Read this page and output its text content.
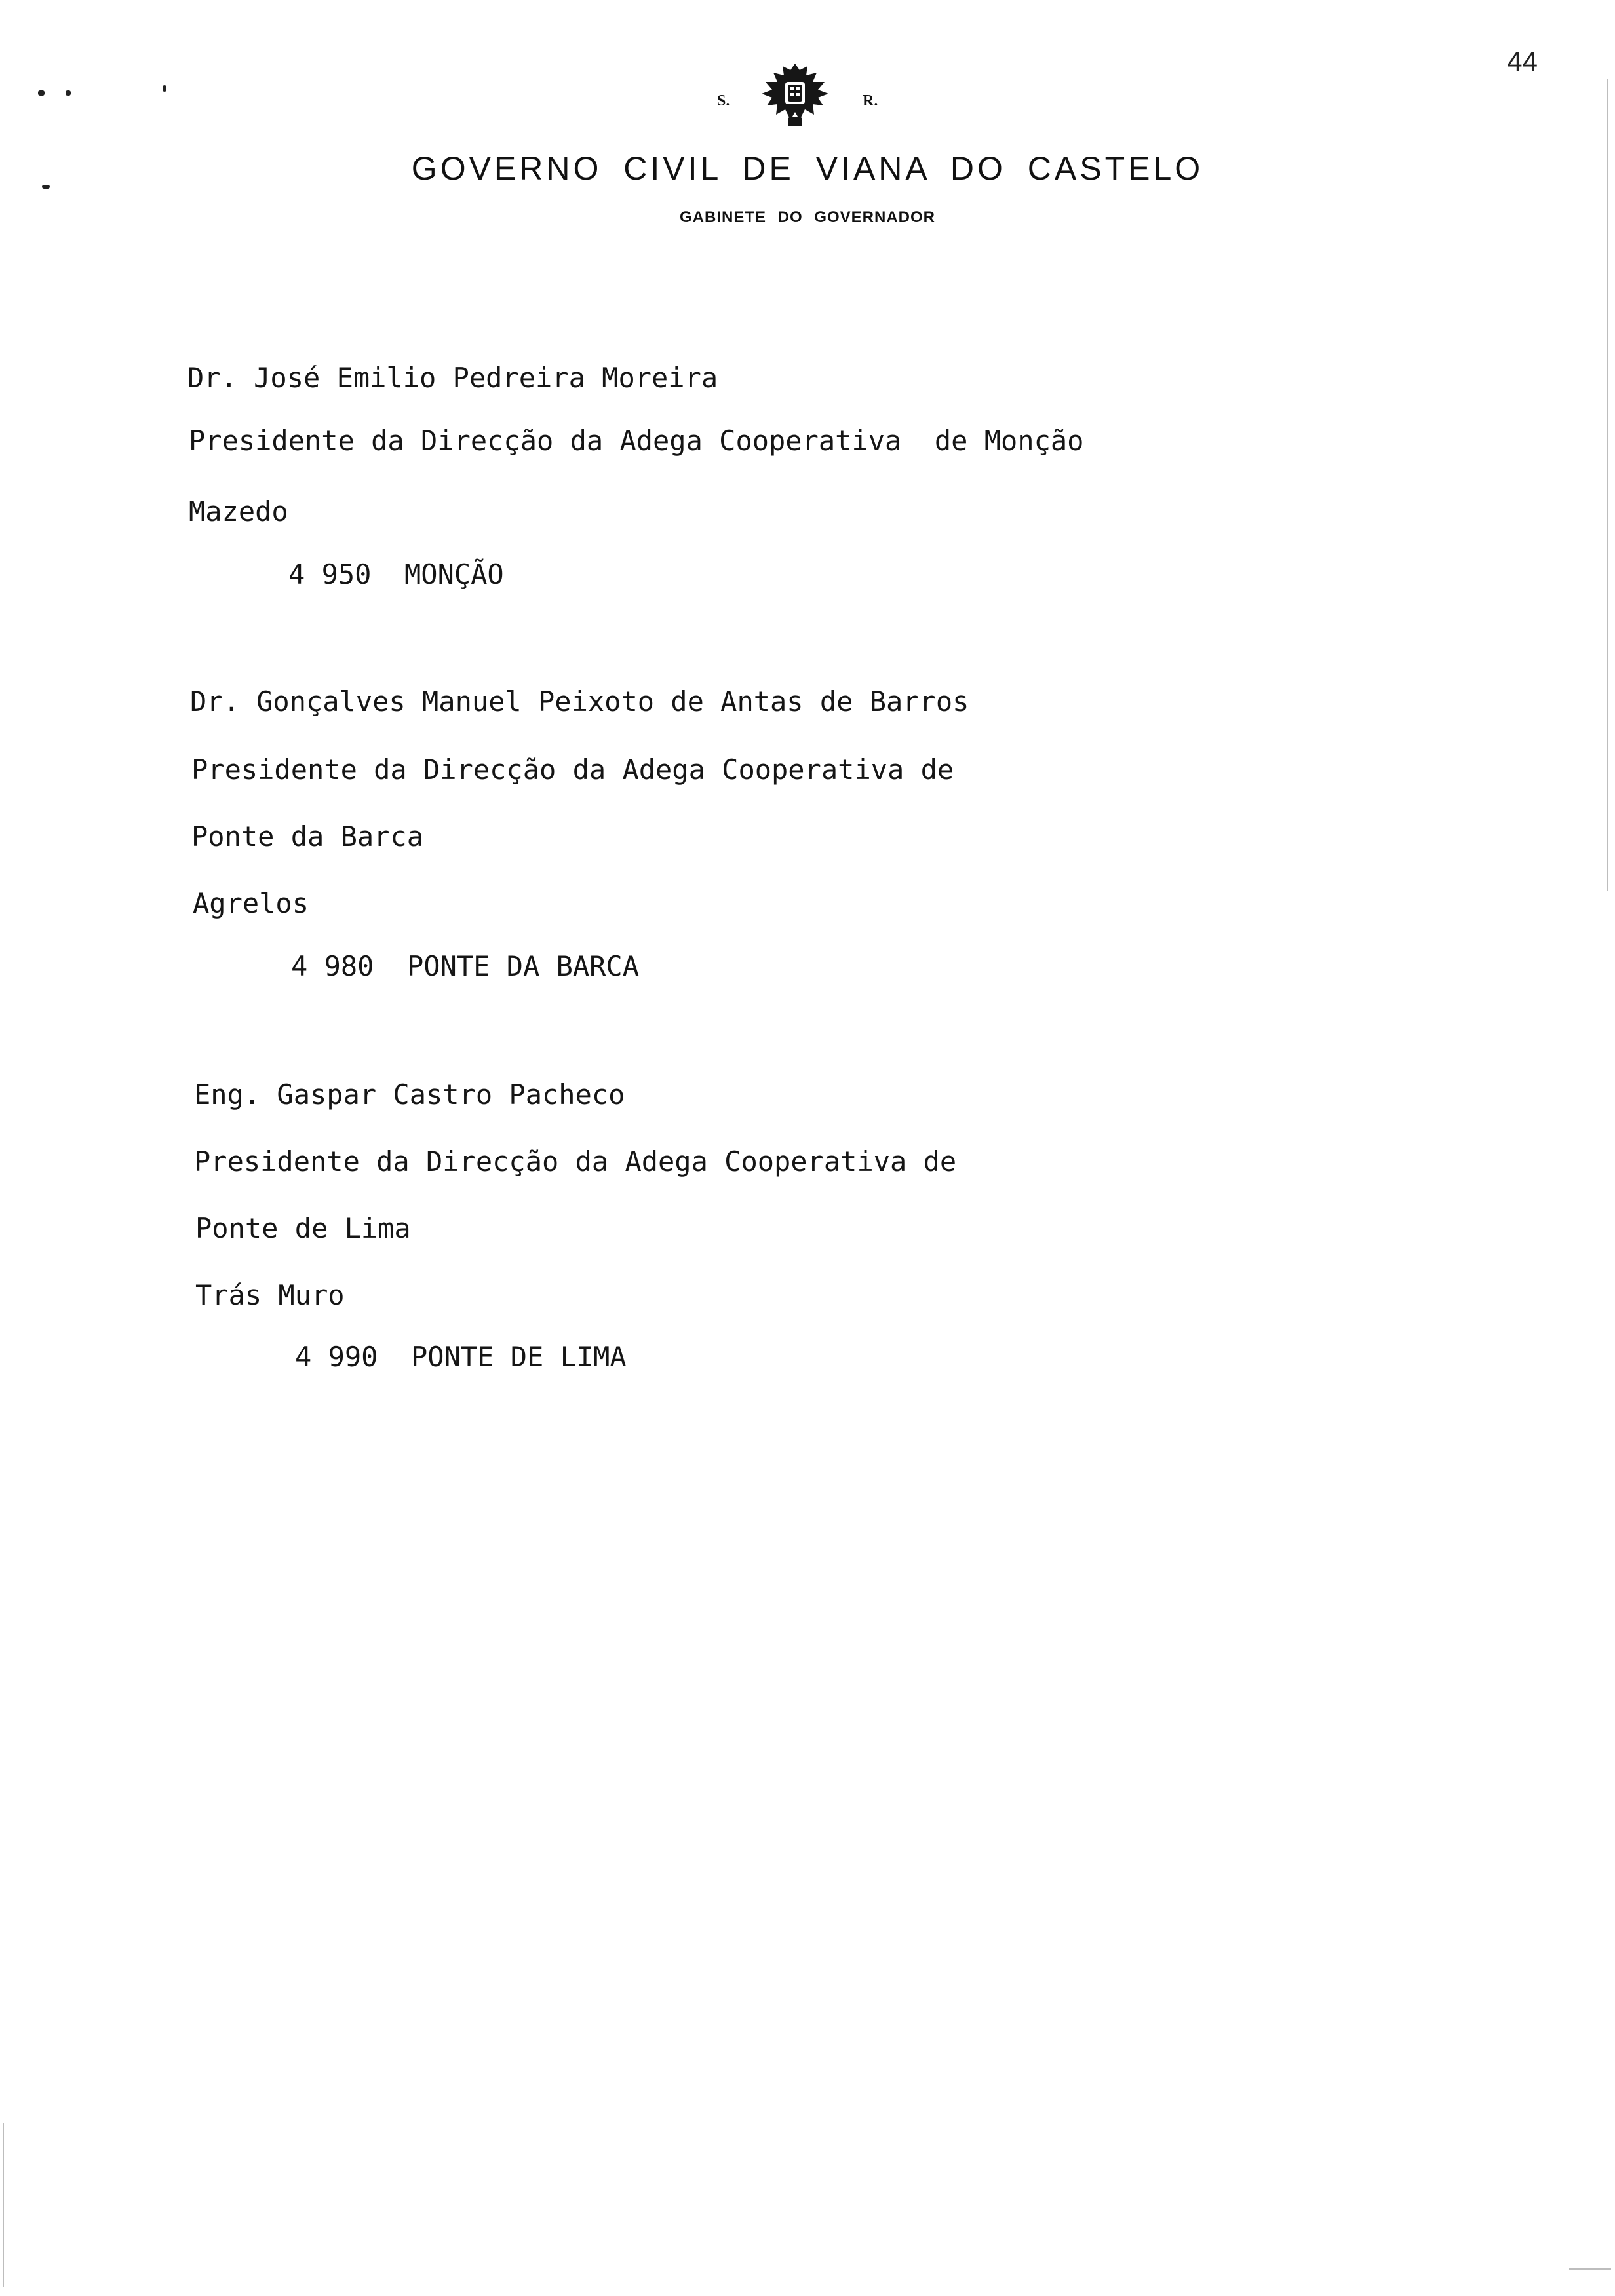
44
S.	R.
GOVERNO CIVIL DE VIANA DO CASTELO
GABINETE DO GOVERNADOR
Dr. José Emilio Pedreira Moreira
Presidente da Direcção da Adega Cooperativa  de Monção
Mazedo
4 950  MONÇÃO
Dr. Gonçalves Manuel Peixoto de Antas de Barros
Presidente da Direcção da Adega Cooperativa de
Ponte da Barca
Agrelos
4 980  PONTE DA BARCA
Eng. Gaspar Castro Pacheco
Presidente da Direcção da Adega Cooperativa de
Ponte de Lima
Trás Muro
4 990  PONTE DE LIMA
